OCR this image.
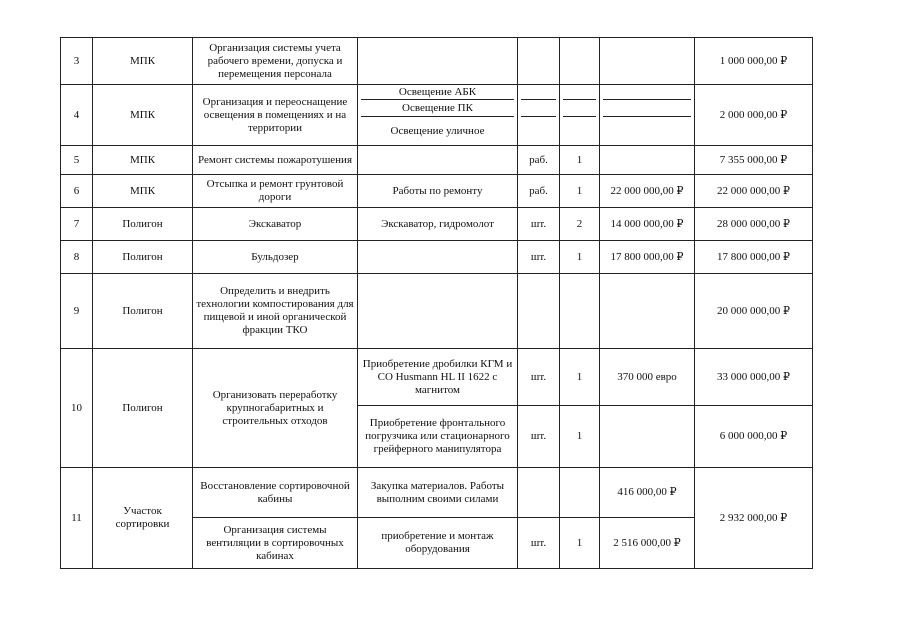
3	МПК	Организация системы учета рабочего времени, допуска и перемещения персонала					1 000 000,00 ₽
4	МПК	Организация и переоснащение освещения в помещениях и на территории	Освещение АБК
Освещение ПК
Освещение уличное				2 000 000,00 ₽
5	МПК	Ремонт системы пожаротушения		раб.	1		7 355 000,00 ₽
6	МПК	Отсыпка и ремонт грунтовой дороги	Работы по ремонту	раб.	1	22 000 000,00 ₽	22 000 000,00 ₽
7	Полигон	Экскаватор	Экскаватор, гидромолот	шт.	2	14 000 000,00 ₽	28 000 000,00 ₽
8	Полигон	Бульдозер		шт.	1	17 800 000,00 ₽	17 800 000,00 ₽
9	Полигон	Определить и внедрить технологии компостирования для пищевой и иной органической фракции ТКО					20 000 000,00 ₽
10	Полигон	Организовать переработку крупногабаритных и строительных отходов	Приобретение дробилки КГМ и СО Husmann HL II 1622 с магнитом	шт.	1	370 000 евро	33 000 000,00 ₽
			Приобретение фронтального погрузчика или стационарного грейферного манипулятора	шт.	1		6 000 000,00 ₽
11	Участок сортировки	Восстановление сортировочной кабины	Закупка материалов. Работы выполним своими силами			416 000,00 ₽	2 932 000,00 ₽
		Организация системы вентиляции в сортировочных кабинах	приобретение и монтаж оборудования	шт.	1	2 516 000,00 ₽	
